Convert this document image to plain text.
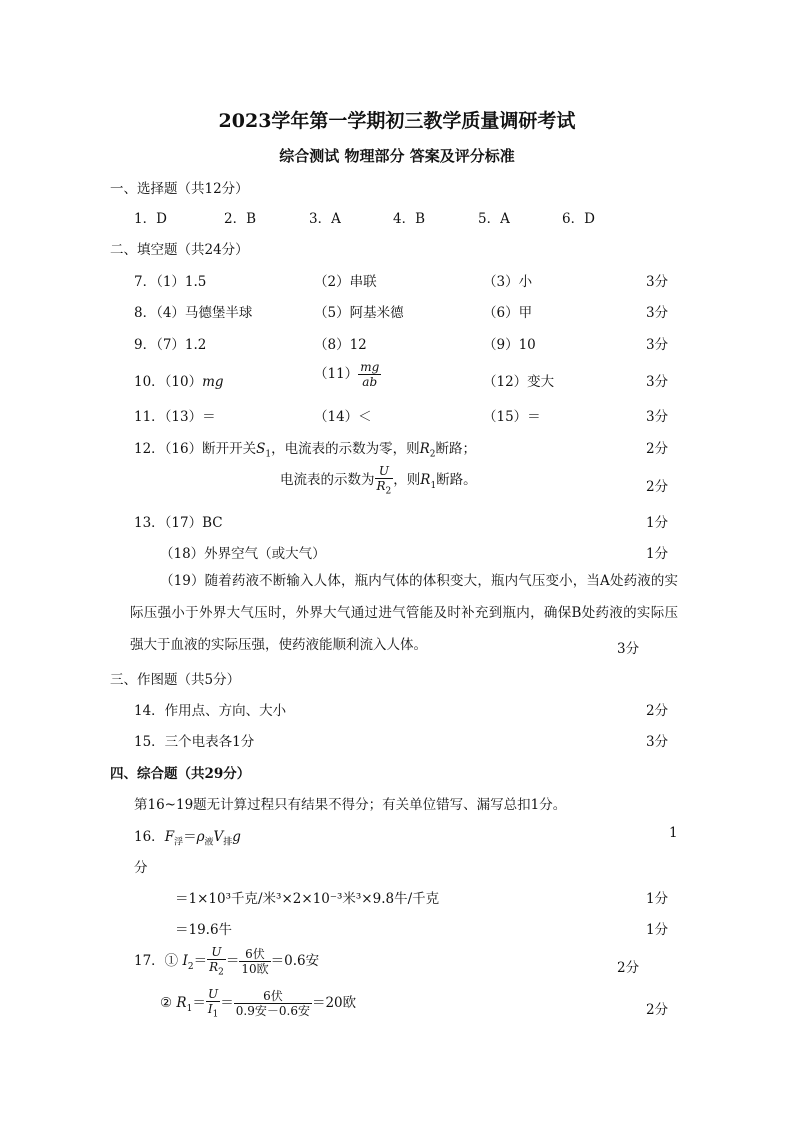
2023学年第一学期初三教学质量调研考试
综合测试 物理部分 答案及评分标准
一、选择题（共12分）
1．D	2．B	3．A	4．B	5．A	6．D
二、填空题（共24分）
7．（1）1.5	（2）串联	（3）小	3分
8．（4）马德堡半球	（5）阿基米德	（6）甲	3分
9．（7）1.2	（8）12	（9）10	3分
10．（10）mg	$(11) \frac{mg}{ab}$	（12）变大	3分
11．（13）＝	（14）＜	（15）＝	3分
12．（16）断开开关$S_1$，电流表的示数为零，则$R_2$断路；	2分
电流表的示数为 $\frac{U}{R_2}$ ，则$R_1$断路。	2分
13．（17）BC	1分
（18）外界空气（或大气）	1分
（19）随着药液不断输入人体，瓶内气体的体积变大，瓶内气压变小，当A处药液的实际压强小于外界大气压时，外界大气通过进气管能及时补充到瓶内，确保B处药液的实际压强大于血液的实际压强，使药液能顺利流入人体。	3分
三、作图题（共5分）
14．作用点、方向、大小	2分
15．三个电表各1分	3分
四、综合题（共29分）
第16~19题无计算过程只有结果不得分；有关单位错写、漏写总扣1分。
16．$F_浮=\rho_液V_排g$	1
分
＝1×10³千克/米³×2×10⁻³米³×9.8牛/千克	1分
＝19.6牛	1分
17．① $I_2= \frac{U}{R_2} = \frac{\text{6伏}}{\text{10欧}} =0.6$安	2分
② $R_1= \frac{U}{I_1} = \frac{\text{6伏}}{\text{0.9安－0.6安}} =20$欧	2分
